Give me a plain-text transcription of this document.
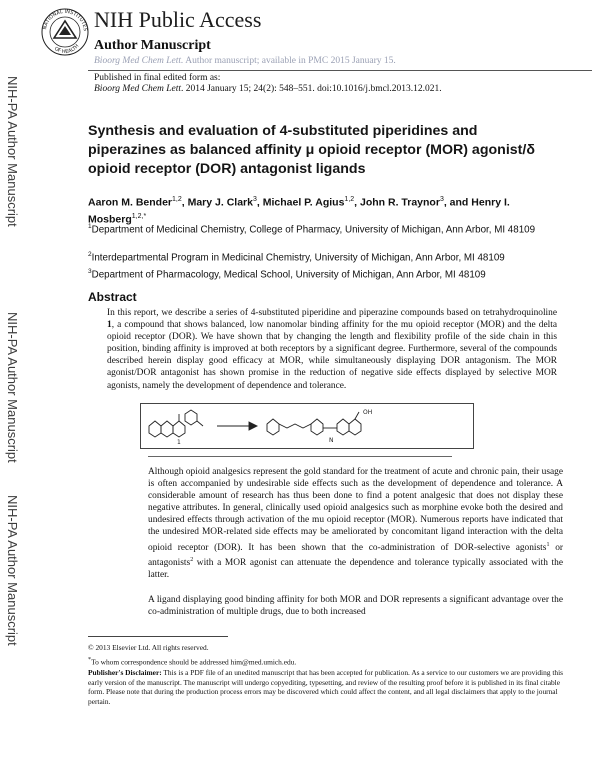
NATIONAL INSTITUTES
OF HEALTH
NIH Public Access
Author Manuscript
Bioorg Med Chem Lett. Author manuscript; available in PMC 2015 January 15.
Published in final edited form as:
Bioorg Med Chem Lett. 2014 January 15; 24(2): 548–551. doi:10.1016/j.bmcl.2013.12.021.
NIH-PA Author Manuscript
NIH-PA Author Manuscript
NIH-PA Author Manuscript
Synthesis and evaluation of 4-substituted piperidines and piperazines as balanced affinity μ opioid receptor (MOR) agonist/δ opioid receptor (DOR) antagonist ligands
Aaron M. Bender$^{1,2}$, Mary J. Clark$^3$, Michael P. Agius$^{1,2}$, John R. Traynor$^3$, and Henry I. Mosberg$^{1,2,*}$
$^1$Department of Medicinal Chemistry, College of Pharmacy, University of Michigan, Ann Arbor, MI 48109
$^2$Interdepartmental Program in Medicinal Chemistry, University of Michigan, Ann Arbor, MI 48109
$^3$Department of Pharmacology, Medical School, University of Michigan, Ann Arbor, MI 48109
Abstract
In this report, we describe a series of 4-substituted piperidine and piperazine compounds based on tetrahydroquinoline 1, a compound that shows balanced, low nanomolar binding affinity for the mu opioid receptor (MOR) and the delta opioid receptor (DOR). We have shown that by changing the length and flexibility profile of the side chain in this position, binding affinity is improved at both receptors by a significant degree. Furthermore, several of the compounds described herein display good efficacy at MOR, while simultaneously displaying DOR antagonism. The MOR agonist/DOR antagonist has shown promise in the reduction of negative side effects displayed by selective MOR agonists, namely the development of dependence and tolerance.
1
OH
N
Although opioid analgesics represent the gold standard for the treatment of acute and chronic pain, their usage is often accompanied by undesirable side effects such as the development of dependence and tolerance. A considerable amount of research has thus been done to find a potent analgesic that does not display these negative attributes. In general, clinically used opioid analgesics such as morphine evoke both the desired and undesired effects through activation of the mu opioid receptor (MOR). Numerous reports have indicated that the undesired MOR-related side effects may be ameliorated by concomitant ligand interaction with the delta opioid receptor (DOR). It has been shown that the co-administration of DOR-selective agonists$^1$ or antagonists$^2$ with a MOR agonist can attenuate the dependence and tolerance typically associated with the latter.
A ligand displaying good binding affinity for both MOR and DOR represents a significant advantage over the co-administration of multiple drugs, due to both increased
© 2013 Elsevier Ltd. All rights reserved.
*To whom correspondence should be addressed him@med.umich.edu.
Publisher's Disclaimer: This is a PDF file of an unedited manuscript that has been accepted for publication. As a service to our customers we are providing this early version of the manuscript. The manuscript will undergo copyediting, typesetting, and review of the resulting proof before it is published in its final citable form. Please note that during the production process errors may be discovered which could affect the content, and all legal disclaimers that apply to the journal pertain.
